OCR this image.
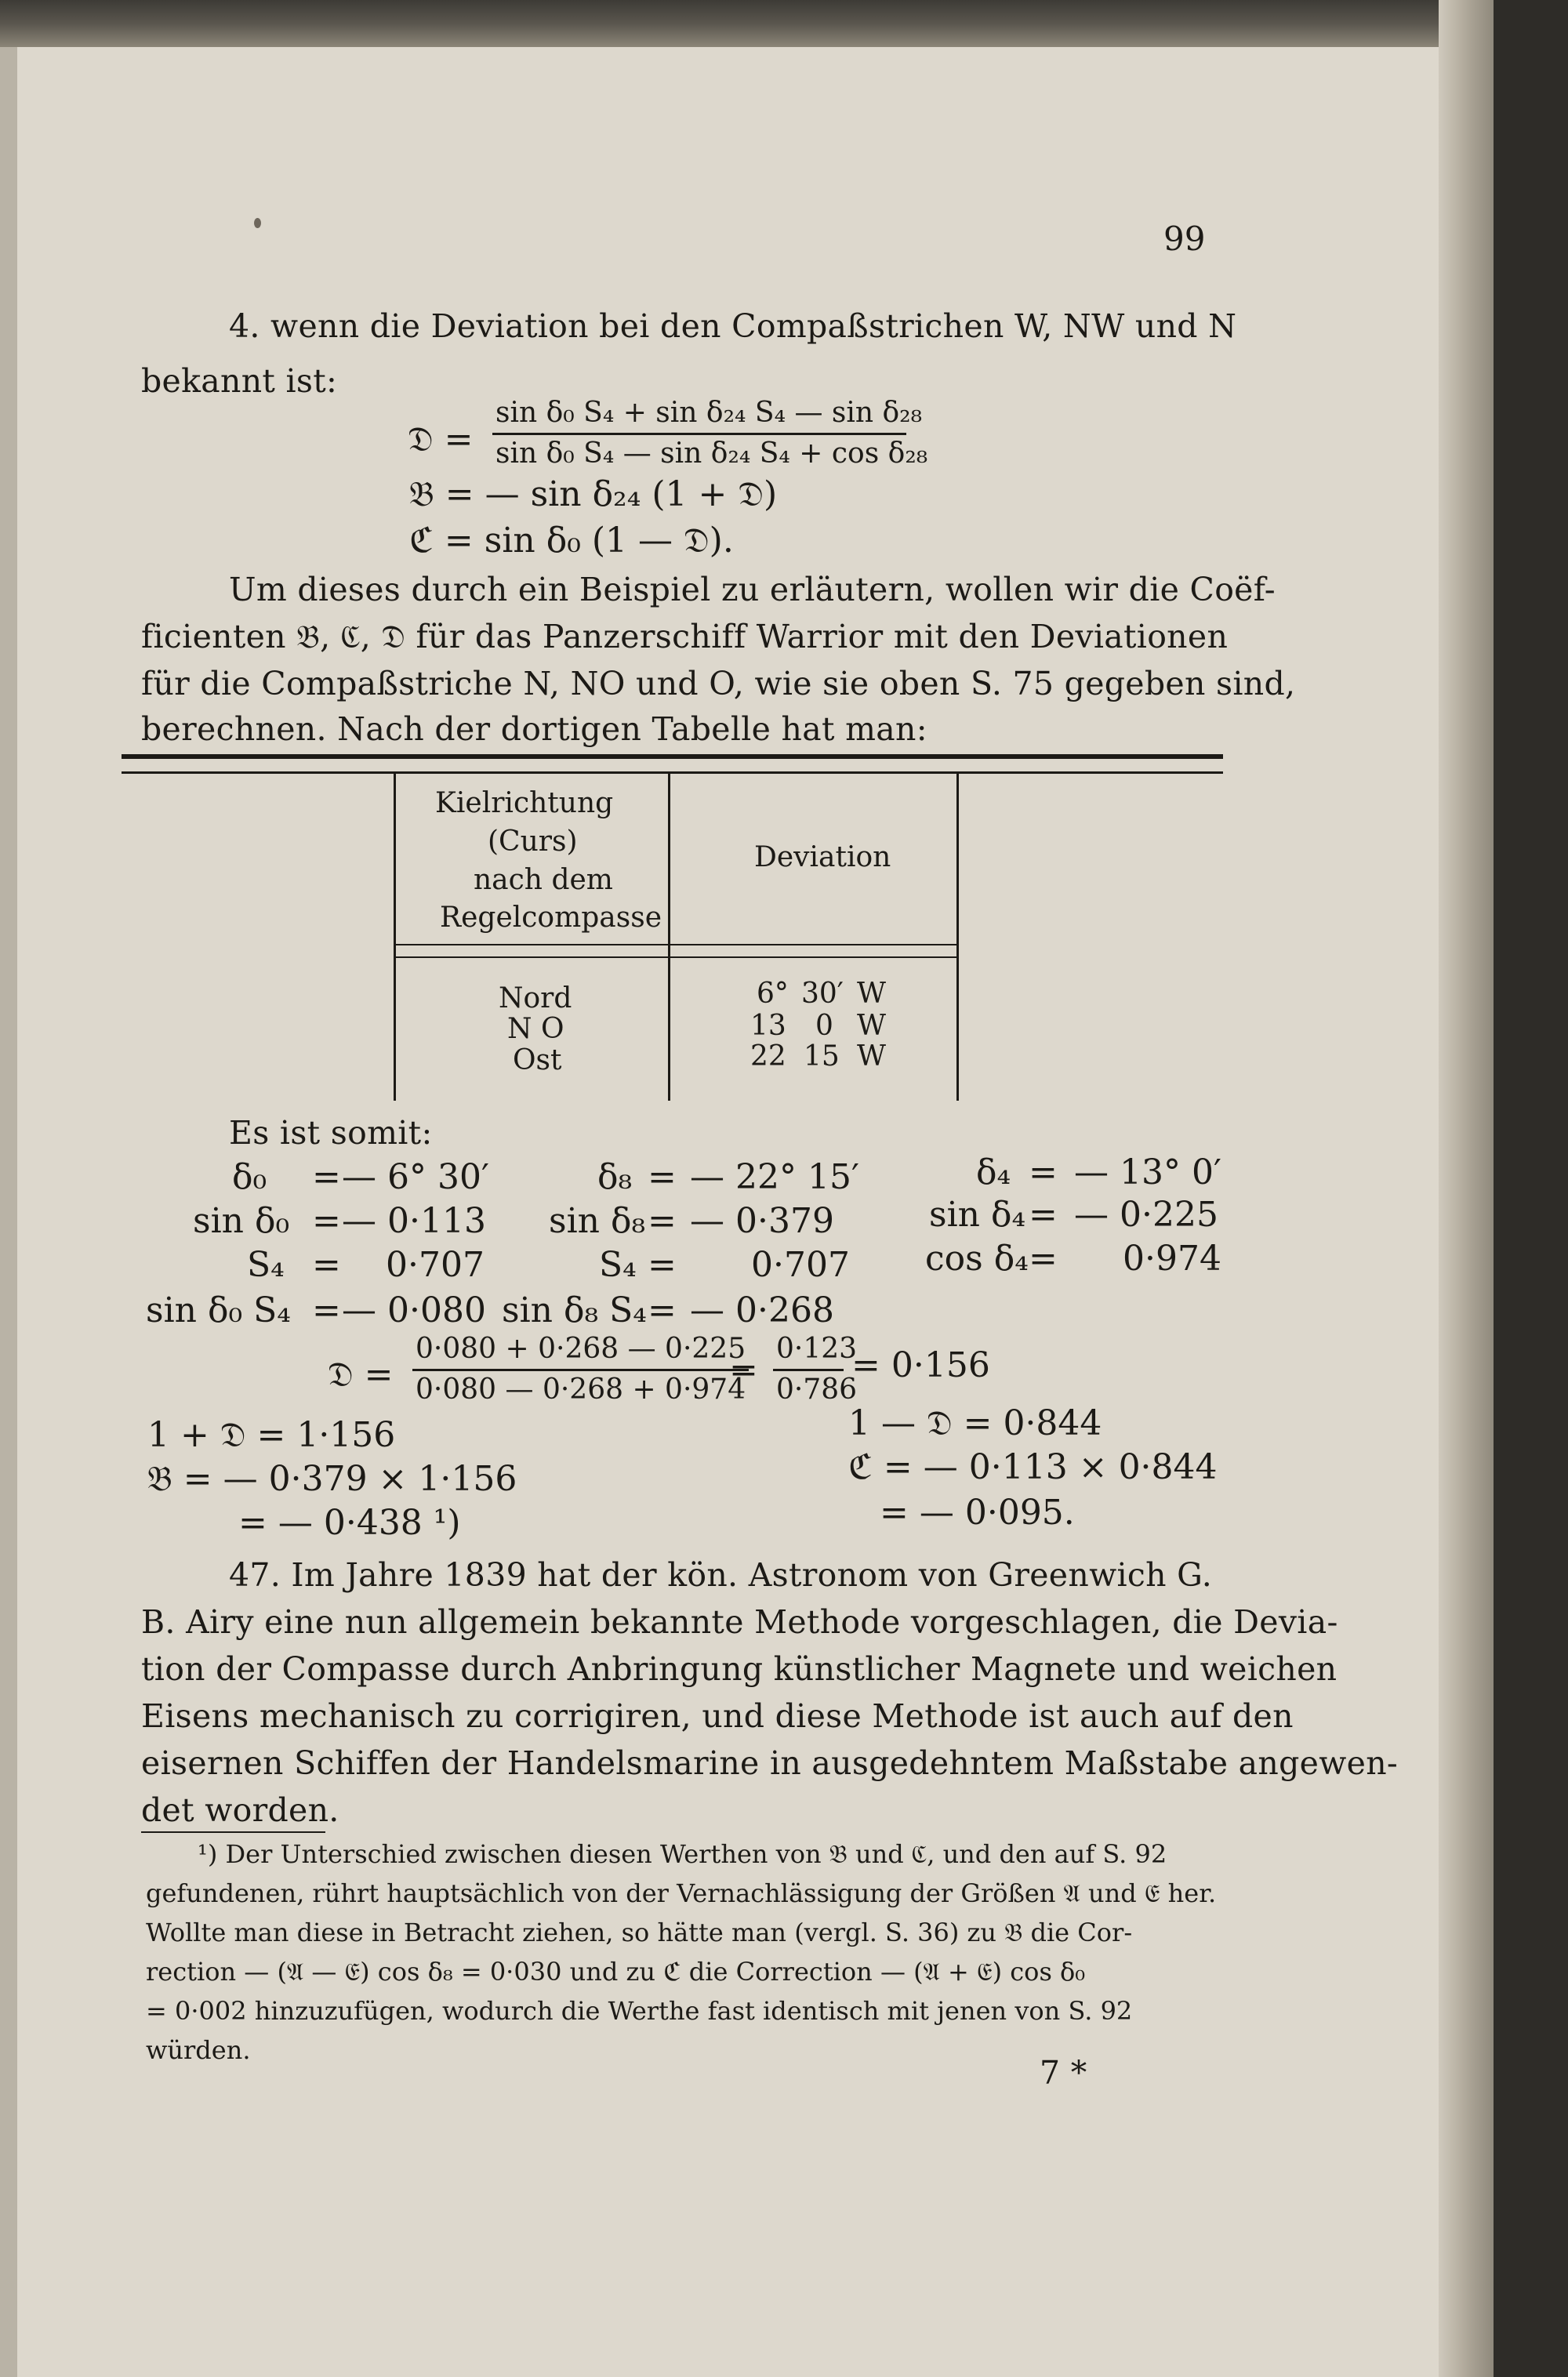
99
4. wenn die Deviation bei den Compaßstrichen W, NW und N
bekannt ist:
𝔇 =
sin δ₀ S₄ + sin δ₂₄ S₄ — sin δ₂₈
sin δ₀ S₄ — sin δ₂₄ S₄ + cos δ₂₈
𝔅 = — sin δ₂₄ (1 + 𝔇)
ℭ = sin δ₀ (1 — 𝔇).
Um dieses durch ein Beispiel zu erläutern, wollen wir die Coëf-
ficienten 𝔅, ℭ, 𝔇 für das Panzerschiff Warrior mit den Deviationen
für die Compaßstriche N, NO und O, wie sie oben S. 75 gegeben sind,
berechnen. Nach der dortigen Tabelle hat man:
Kielrichtung
(Curs)
nach dem
Regelcompasse
Deviation
Nord	6° 30′ W
N O	13 0 W
Ost	22 15 W
Es ist somit:
δ₀ = — 6° 30′
sin δ₀ = — 0·113
S₄ = 0·707
sin δ₀ S₄ = — 0·080
δ₈ = — 22° 15′
sin δ₈ = — 0·379
S₄ = 0·707
sin δ₈ S₄ = — 0·268
δ₄ = — 13° 0′
sin δ₄ = — 0·225
cos δ₄ = 0·974
𝔇 =
0·080 + 0·268 — 0·225
0·080 — 0·268 + 0·974
=
0·123
0·786
= 0·156
1 + 𝔇 = 1·156	1 — 𝔇 = 0·844
𝔅 = — 0·379 × 1·156	ℭ = — 0·113 × 0·844
= — 0·438 ¹)	= — 0·095.
47. Im Jahre 1839 hat der kön. Astronom von Greenwich G.
B. Airy eine nun allgemein bekannte Methode vorgeschlagen, die Devia-
tion der Compasse durch Anbringung künstlicher Magnete und weichen
Eisens mechanisch zu corrigiren, und diese Methode ist auch auf den
eisernen Schiffen der Handelsmarine in ausgedehntem Maßstabe angewen-
det worden.
¹) Der Unterschied zwischen diesen Werthen von 𝔅 und ℭ, und den auf S. 92
gefundenen, rührt hauptsächlich von der Vernachlässigung der Größen 𝔄 und 𝔈 her.
Wollte man diese in Betracht ziehen, so hätte man (vergl. S. 36) zu 𝔅 die Cor-
rection — (𝔄 — 𝔈) cos δ₈ = 0·030 und zu ℭ die Correction — (𝔄 + 𝔈) cos δ₀
= 0·002 hinzuzufügen, wodurch die Werthe fast identisch mit jenen von S. 92
würden.
7 *
